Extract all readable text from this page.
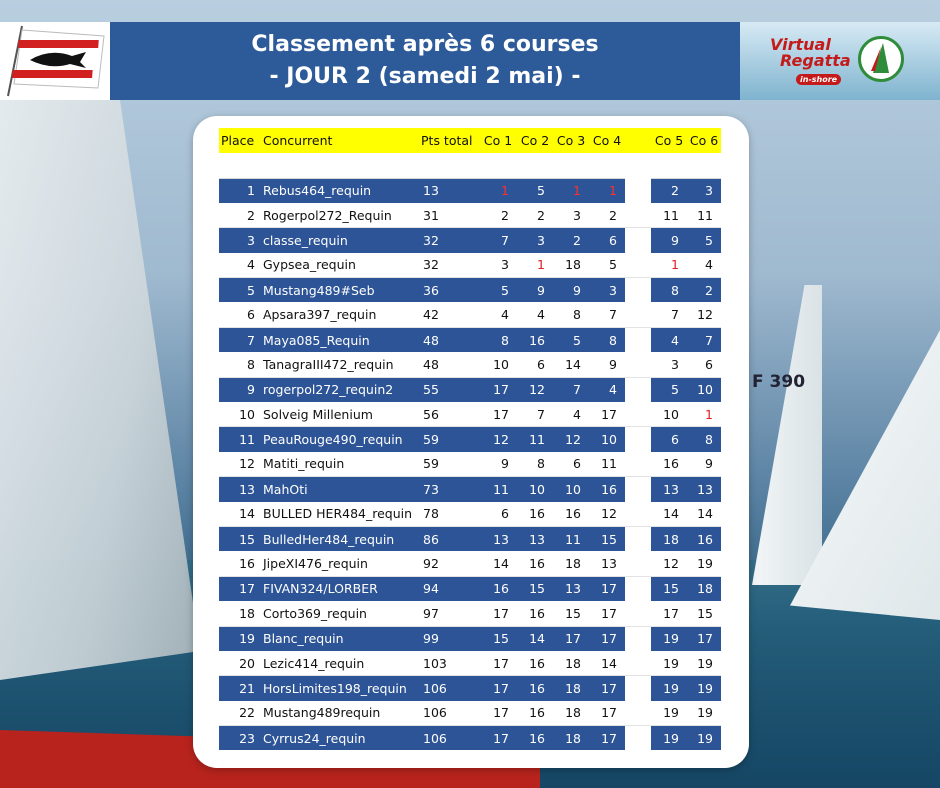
F 390
Classement après 6 courses
- JOUR 2 (samedi 2 mai) -
Virtual
Regatta
in-shore
Place	Concurrent	Pts total	Co 1	Co 2	Co 3	Co 4		Co 5	Co 6

1	Rebus464_requin	13	1	5	1	1		2	3
2	Rogerpol272_Requin	31	2	2	3	2		11	11
3	classe_requin	32	7	3	2	6		9	5
4	Gypsea_requin	32	3	1	18	5		1	4
5	Mustang489#Seb	36	5	9	9	3		8	2
6	Apsara397_requin	42	4	4	8	7		7	12
7	Maya085_Requin	48	8	16	5	8		4	7
8	TanagraIII472_requin	48	10	6	14	9		3	6
9	rogerpol272_requin2	55	17	12	7	4		5	10
10	Solveig Millenium	56	17	7	4	17		10	1
11	PeauRouge490_requin	59	12	11	12	10		6	8
12	Matiti_requin	59	9	8	6	11		16	9
13	MahOti	73	11	10	10	16		13	13
14	BULLED HER484_requin	78	6	16	16	12		14	14
15	BulledHer484_requin	86	13	13	11	15		18	16
16	JipeXI476_requin	92	14	16	18	13		12	19
17	FIVAN324/LORBER	94	16	15	13	17		15	18
18	Corto369_requin	97	17	16	15	17		17	15
19	Blanc_requin	99	15	14	17	17		19	17
20	Lezic414_requin	103	17	16	18	14		19	19
21	HorsLimites198_requin	106	17	16	18	17		19	19
22	Mustang489requin	106	17	16	18	17		19	19
23	Cyrrus24_requin	106	17	16	18	17		19	19
